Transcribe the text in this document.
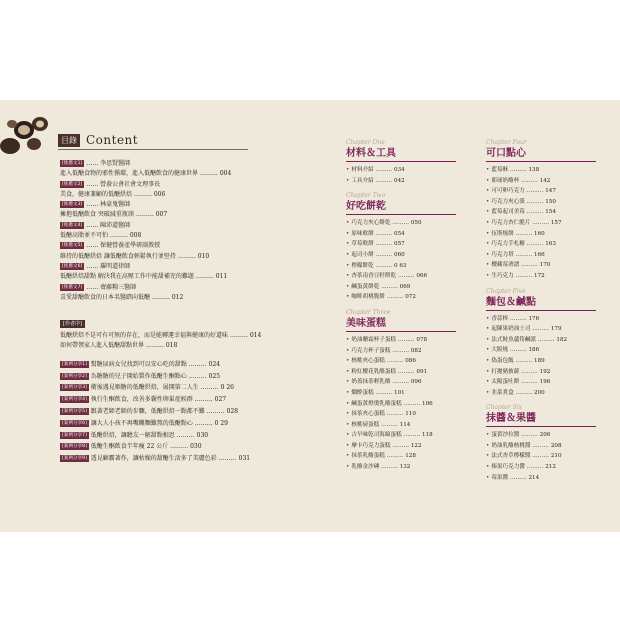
目錄 Content
[推薦文1] …… 李思賢醫師
進入低醣食物的邪性循環，進入低醣飲食的健康世界 ……… 004
[推薦文2] …… 營養公會社會文理事長
美食，健康兼顧的低醣烘焙 ……… 006
[推薦文3] …… 林豪鬼醫師
擁抱低醣飲食 突破減重瓶頸 ……… 007
[推薦文4] …… 陳沛道醫師
低醣高脂並不可怕 ……… 008
[推薦文5] …… 保健營養產學研副教授
維持的低醣烘焙 讓低醣飲食輕鬆執行並堅持 ……… 010
[推薦文6] …… 羅明道律師
低醣烘焙甜點 解決我在高壓工作中能甜補充的難題 ……… 011
[推薦文7] …… 齋藤糧三醫師
喜愛甜醣飲食的日本名醫踏向低醣 ……… 012
[作者序]
低醣烘焙不是可有可無的存在，而是能轉運幸福與健康的好道味 ……… 014
如何帶領家人進入低醣甜點世界 ……… 018
[案例分享1] 幫糖尿病女兒找到可以安心吃的甜點 ……… 024
[案例分享2] 為糖糖的兒子開始製作低醣生酮點心 ……… 025
[案例分享3] 衛後遇見順糖的低醣烘焙，展開第二人生 ……… 0 26
[案例分享4] 執行生酮飲食，改善多囊性卵巢症候群 ……… 027
[案例分享5] 跟著老師老師的步驟，低醣烘焙一點都不難 ……… 028
[案例分享6] 讓大人小孩不再嘴饞麵難熬的低醣點心 ……… 0 29
[案例分享7] 低醣烘焙，讓聽友一解甜點相思 ……… 030
[案例分享8] 低醣生酮飲食半年瘦 22 公斤 ……… 030
[案例分享9] 透見顧霸著作，讓枯燥的甜醣生活多了美麗色彩 ……… 031
Chapter One
材料＆工具
• 材料介紹 ……… 034
• 工具介紹 ……… 042
Chapter Two
好吃餅乾
• 巧克力夾心餅乾 ……… 050
• 原味軟餅 ……… 054
• 草莓軟餅 ……… 057
• 起司小餅 ……… 060
• 檸檬餅乾 ……… 0 63
• 杏茶南香豆籽餅乾 ……… 066
• 鹹蛋黃餅乾 ……… 069
• 咖啡胡桃脆餅 ……… 072
Chapter Three
美味蛋糕
• 奶油醣霜杯子蛋糕 ……… 078
• 巧克力杯子蛋糕 ……… 082
• 核桃夾心蛋糕 ……… 086
• 粉紅櫻花乳酪蛋糕 ……… 091
• 奶蓋抹茶輕乳酪 ……… 096
• 燜酔蛋糕 ……… 101
• 鹹蛋黃燈燙乳酪蛋糕 ……… 106
• 抹茶夾心蛋糕 ……… 110
• 核桃磅蛋糕 ……… 114
• 古早味乾司海綿蛋糕 ……… 118
• 摩卡巧克力蛋糕 ……… 122
• 抹茶乳酪蛋糕 ……… 128
• 乳酪金沙磚 ……… 132
Chapter Four
可口點心
• 藍莓酥 ……… 138
• 耶球奶酪杯 ……… 142
• 可可卵巧克力 ……… 147
• 巧克力夾心派 ……… 150
• 藍莓起司美莓 ……… 154
• 巧克力杏仁脆片 ……… 157
• 伍斯燒餅 ……… 160
• 巧克力手札糖 ……… 163
• 巧克力塔 ……… 166
• 櫻藏莓酒譜 ……… 170
• 生巧克力 ……… 172
Chapter Five
麵包＆鹹點
• 香蒜棒 ……… 176
• 起陳果奶油土司 ……… 179
• 法式鮭魚蘆筍鹹派 ……… 182
• 大阪燒 ……… 186
• 偽蛋包飯 ……… 189
• 打拋豬披薩 ……… 192
• 太陽蛋吐餅 ……… 196
• 韭菜煮盒 ……… 200
Chapter Six
抹醬＆果醬
• 蛋黃沙拉醬 ……… 206
• 奶油乳酪核桃醬 ……… 208
• 法式杏草檸檬醬 ……… 210
• 榛果巧克力醬 ……… 212
• 莓果醬 ……… 214
